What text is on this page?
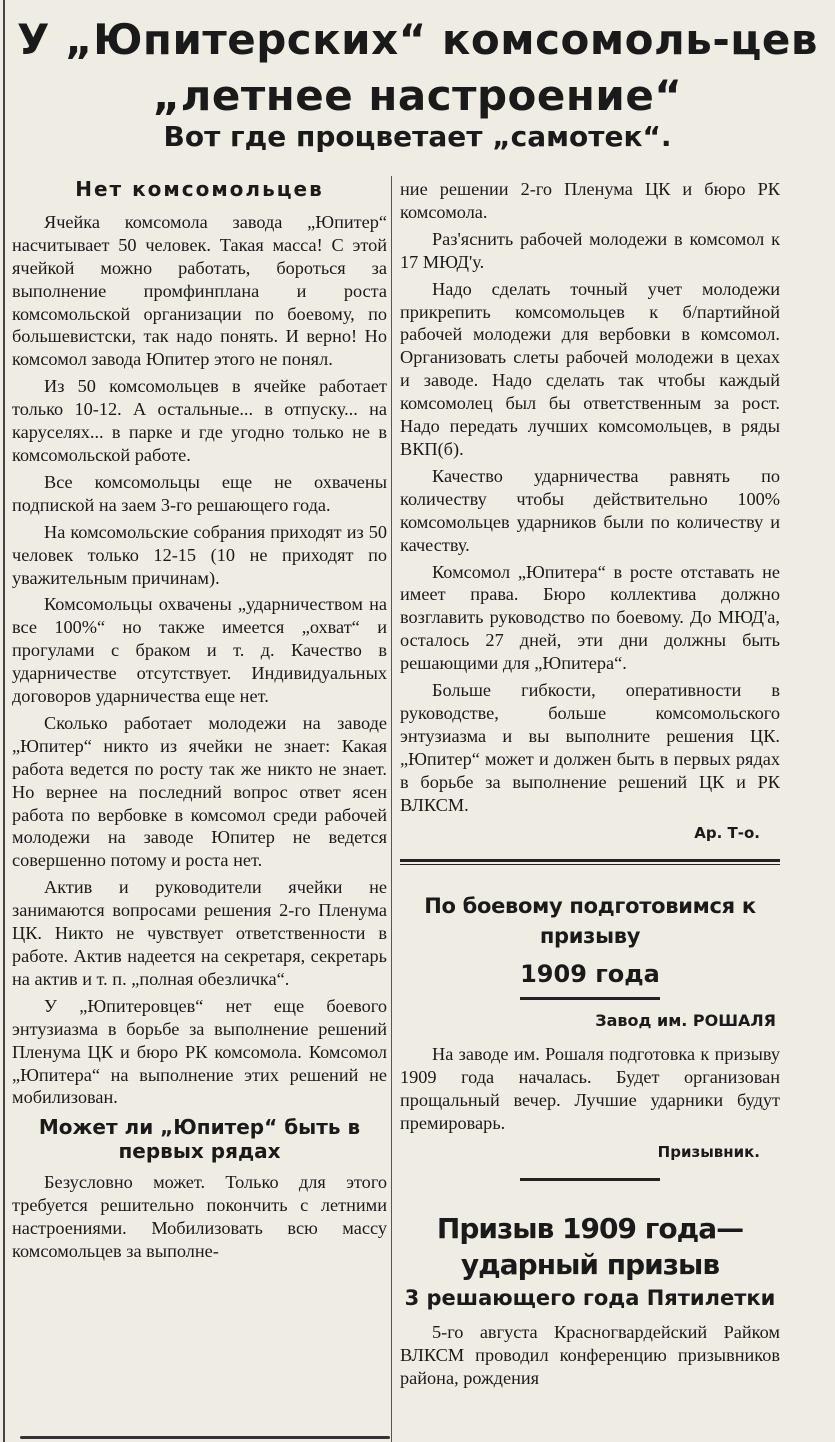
У „Юпитерских“ комсомоль-цев „летнее настроение“
Вот где процветает „самотек“.
Нет комсомольцев

Ячейка комсомола завода „Юпитер“ насчитывает 50 человек. Такая масса! С этой ячейкой можно работать, бороться за выполнение промфинплана и роста комсомольской организации по боевому, по большевистски, так надо понять. И верно! Но комсомол завода Юпитер этого не понял.

Из 50 комсомольцев в ячейке работает только 10-12. А остальные... в отпуску... на каруселях... в парке и где угодно только не в комсомольской работе.

Все комсомольцы еще не охвачены подпиской на заем 3-го решающего года.

На комсомольские собрания приходят из 50 человек только 12-15 (10 не приходят по уважительным причинам).

Комсомольцы охвачены „ударничеством на все 100%“ но также имеется „охват“ и прогулами с браком и т. д. Качество в ударничестве отсутствует. Индивидуальных договоров ударничества еще нет.

Сколько работает молодежи на заводе „Юпитер“ никто из ячейки не знает: Какая работа ведется по росту так же никто не знает. Но вернее на последний вопрос ответ ясен работа по вербовке в комсомол среди рабочей молодежи на заводе Юпитер не ведется совершенно потому и роста нет.

Актив и руководители ячейки не занимаются вопросами решения 2-го Пленума ЦК. Никто не чувствует ответственности в работе. Актив надеется на секретаря, секретарь на актив и т. п. „полная обезличка“.

У „Юпитеровцев“ нет еще боевого энтузиазма в борьбе за выполнение решений Пленума ЦК и бюро РК комсомола. Комсомол „Юпитера“ на выполнение этих решений не мобилизован.

Может ли „Юпитер“ быть в первых рядах

Безусловно может. Только для этого требуется решительно покончить с летними настроениями. Мобилизовать всю массу комсомольцев за выполне-

ние решении 2-го Пленума ЦК и бюро РК комсомола.

Раз'яснить рабочей молодежи в комсомол к 17 МЮД'у.

Надо сделать точный учет молодежи прикрепить комсомольцев к б/партийной рабочей молодежи для вербовки в комсомол. Организовать слеты рабочей молодежи в цехах и заводе. Надо сделать так чтобы каждый комсомолец был бы ответственным за рост. Надо передать лучших комсомольцев, в ряды ВКП(б).

Качество ударничества равнять по количеству чтобы действительно 100% комсомольцев ударников были по количеству и качеству.

Комсомол „Юпитера“ в росте отставать не имеет права. Бюро коллектива должно возглавить руководство по боевому. До МЮД'а, осталось 27 дней, эти дни должны быть решающими для „Юпитера“.

Больше гибкости, оперативности в руководстве, больше комсомольского энтузиазма и вы выполните решения ЦК. „Юпитер“ может и должен быть в первых рядах в борьбе за выполнение решений ЦК и РК ВЛКСМ.

Ар. Т-о.
По боевому подготовимся к призыву
1909 года
Завод им. РОШАЛЯ

На заводе им. Рошаля подготовка к призыву 1909 года началась. Будет организован прощальный вечер. Лучшие ударники будут премироварь.

Призывник.
Призыв 1909 года—ударный призыв
3 решающего года Пятилетки

5-го августа Красногвардейский Райком ВЛКСМ проводил конференцию призывников района, рождения
